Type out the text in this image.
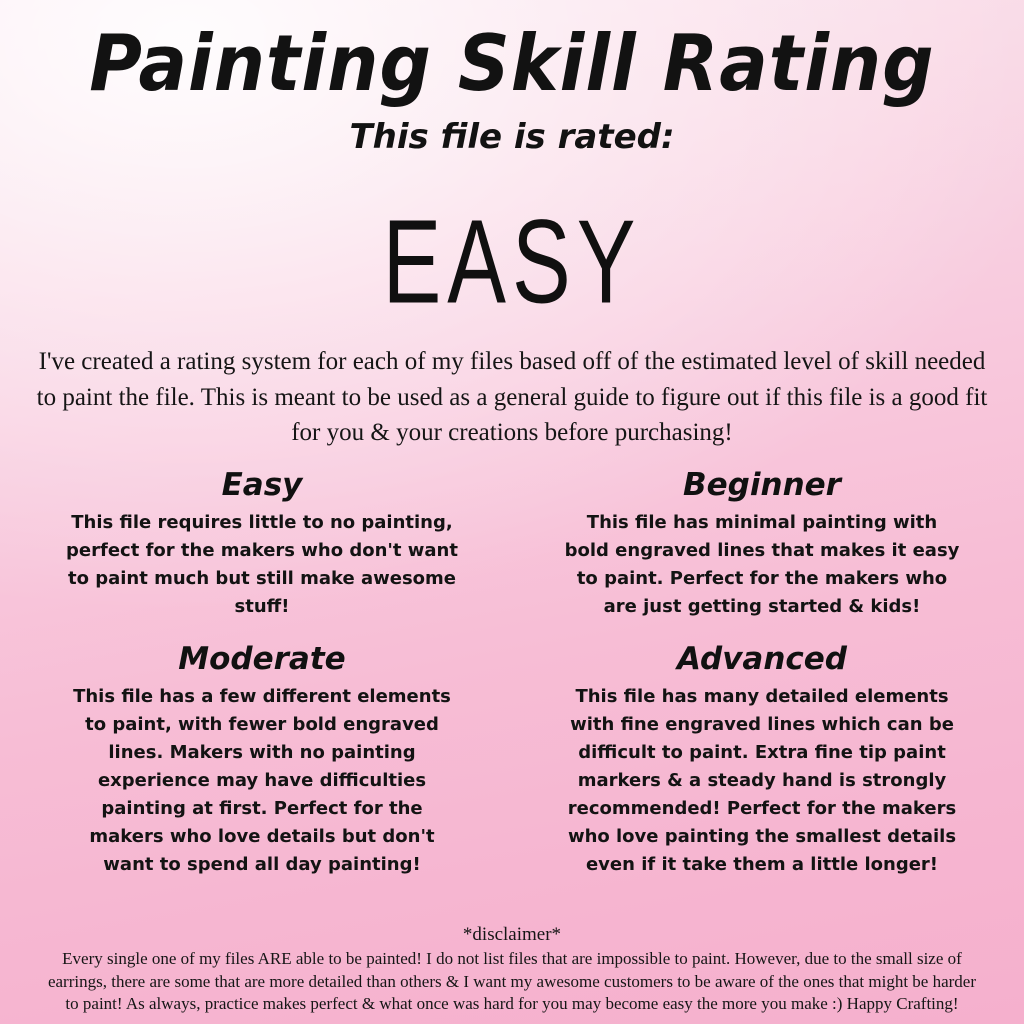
Painting Skill Rating
This file is rated:
EASY

I've created a rating system for each of my files based off of the estimated level of skill needed to paint the file. This is meant to be used as a general guide to figure out if this file is a good fit for you & your creations before purchasing!

Easy
This file requires little to no painting, perfect for the makers who don't want to paint much but still make awesome stuff!
Beginner
This file has minimal painting with bold engraved lines that makes it easy to paint. Perfect for the makers who are just getting started & kids!
Moderate
This file has a few different elements to paint, with fewer bold engraved lines. Makers with no painting experience may have difficulties painting at first. Perfect for the makers who love details but don't want to spend all day painting!
Advanced
This file has many detailed elements with fine engraved lines which can be difficult to paint. Extra fine tip paint markers & a steady hand is strongly recommended! Perfect for the makers who love painting the smallest details even if it take them a little longer!
*disclaimer*
Every single one of my files ARE able to be painted! I do not list files that are impossible to paint. However, due to the small size of earrings, there are some that are more detailed than others & I want my awesome customers to be aware of the ones that might be harder to paint! As always, practice makes perfect & what once was hard for you may become easy the more you make :) Happy Crafting!
